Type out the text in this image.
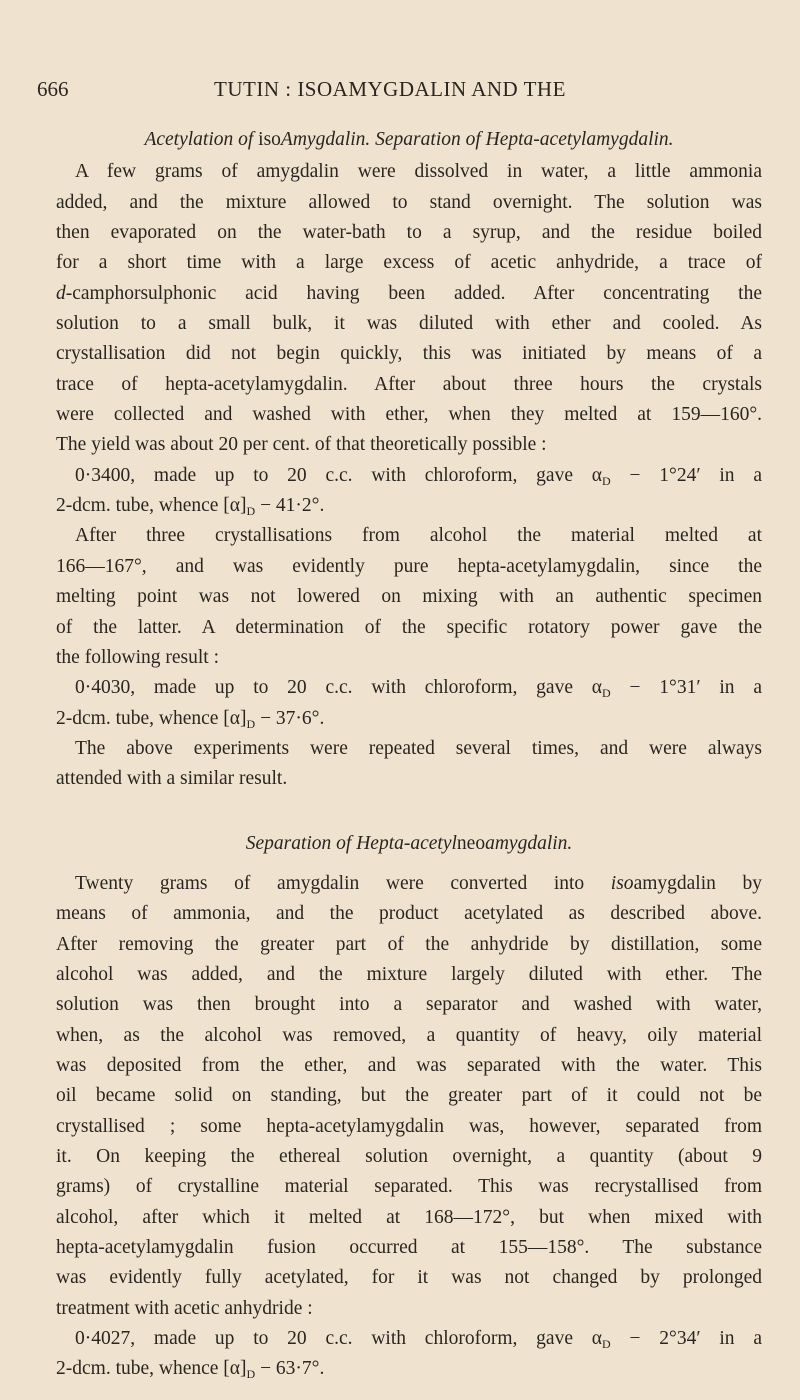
666	TUTIN : ISOAMYGDALIN AND THE
Acetylation of isoAmygdalin. Separation of Hepta-acetylamygdalin.
A few grams of amygdalin were dissolved in water, a little ammonia
added, and the mixture allowed to stand overnight. The solution was
then evaporated on the water-bath to a syrup, and the residue boiled
for a short time with a large excess of acetic anhydride, a trace of
d-camphorsulphonic acid having been added. After concentrating the
solution to a small bulk, it was diluted with ether and cooled. As
crystallisation did not begin quickly, this was initiated by means of a
trace of hepta-acetylamygdalin. After about three hours the crystals
were collected and washed with ether, when they melted at 159—160°.
The yield was about 20 per cent. of that theoretically possible :
0·3400, made up to 20 c.c. with chloroform, gave $\alpha_D - 1^\circ 24'$ in a
2-dcm. tube, whence $[\alpha]_D - 41\cdot 2^\circ$.
After three crystallisations from alcohol the material melted at
166—167°, and was evidently pure hepta-acetylamygdalin, since the
melting point was not lowered on mixing with an authentic specimen
of the latter. A determination of the specific rotatory power gave the
the following result :
0·4030, made up to 20 c.c. with chloroform, gave $\alpha_D - 1^\circ 31'$ in a
2-dcm. tube, whence $[\alpha]_D - 37\cdot 6^\circ$.
The above experiments were repeated several times, and were always
attended with a similar result.
Separation of Hepta-acetylneoamygdalin.
Twenty grams of amygdalin were converted into isoamygdalin by
means of ammonia, and the product acetylated as described above.
After removing the greater part of the anhydride by distillation, some
alcohol was added, and the mixture largely diluted with ether. The
solution was then brought into a separator and washed with water,
when, as the alcohol was removed, a quantity of heavy, oily material
was deposited from the ether, and was separated with the water. This
oil became solid on standing, but the greater part of it could not be
crystallised ; some hepta-acetylamygdalin was, however, separated from
it. On keeping the ethereal solution overnight, a quantity (about 9
grams) of crystalline material separated. This was recrystallised from
alcohol, after which it melted at 168—172°, but when mixed with
hepta-acetylamygdalin fusion occurred at 155—158°. The substance
was evidently fully acetylated, for it was not changed by prolonged
treatment with acetic anhydride :
0·4027, made up to 20 c.c. with chloroform, gave $\alpha_D - 2^\circ 34'$ in a
2-dcm. tube, whence $[\alpha]_D - 63\cdot 7^\circ$.
